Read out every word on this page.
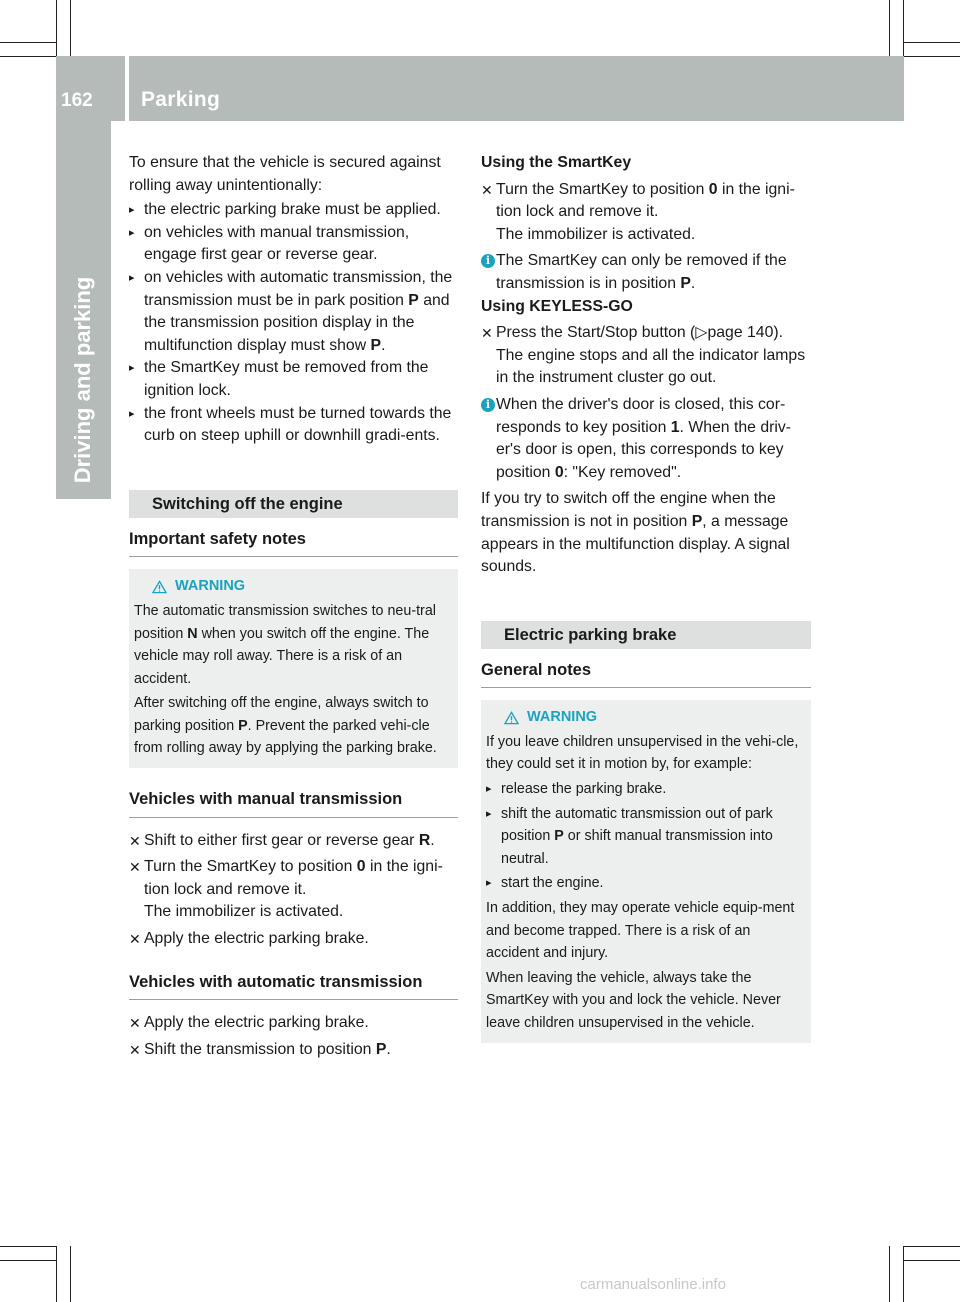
162 Parking
Driving and parking

To ensure that the vehicle is secured against rolling away unintentionally:

▸ the electric parking brake must be applied.
▸ on vehicles with manual transmission, engage first gear or reverse gear.
▸ on vehicles with automatic transmission, the transmission must be in park position P and the transmission position display in the multifunction display must show P.
▸ the SmartKey must be removed from the ignition lock.
▸ the front wheels must be turned towards the curb on steep uphill or downhill gradi-ents.
Switching off the engine
Important safety notes
WARNING

The automatic transmission switches to neu-tral position N when you switch off the engine. The vehicle may roll away. There is a risk of an accident.

After switching off the engine, always switch to parking position P. Prevent the parked vehi-cle from rolling away by applying the parking brake.

Vehicles with manual transmission
✕ Shift to either first gear or reverse gear R.
✕ Turn the SmartKey to position 0 in the igni-tion lock and remove it.
The immobilizer is activated.
✕ Apply the electric parking brake.
Vehicles with automatic transmission
✕ Apply the electric parking brake.
✕ Shift the transmission to position P.

Using the SmartKey

✕ Turn the SmartKey to position 0 in the igni-tion lock and remove it.
The immobilizer is activated.
i The SmartKey can only be removed if the transmission is in position P.

Using KEYLESS-GO

✕ Press the Start/Stop button (▷page 140).
The engine stops and all the indicator lamps in the instrument cluster go out.
i When the driver's door is closed, this cor-responds to key position 1. When the driv-er's door is open, this corresponds to key position 0: "Key removed".

If you try to switch off the engine when the transmission is not in position P, a message appears in the multifunction display. A signal sounds.

Electric parking brake
General notes
WARNING

If you leave children unsupervised in the vehi-cle, they could set it in motion by, for example:

▸ release the parking brake.
▸ shift the automatic transmission out of park position P or shift manual transmission into neutral.
▸ start the engine.

In addition, they may operate vehicle equip-ment and become trapped. There is a risk of an accident and injury.

When leaving the vehicle, always take the SmartKey with you and lock the vehicle. Never leave children unsupervised in the vehicle.

carmanualsonline.info
